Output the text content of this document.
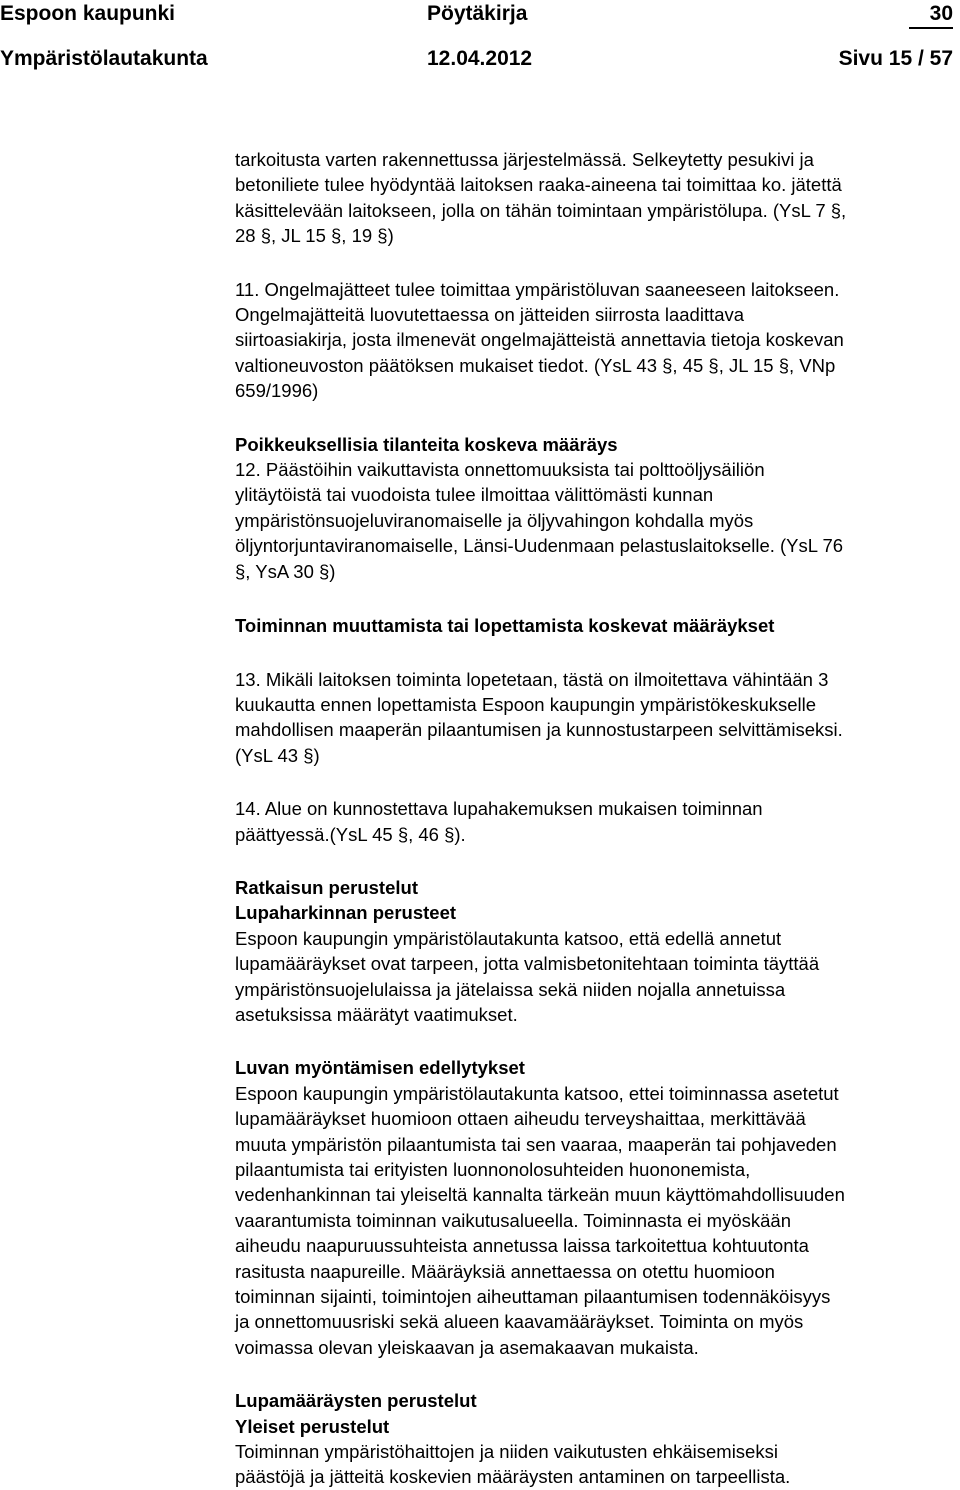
Espoon kaupunki	Pöytäkirja	30
Ympäristölautakunta	12.04.2012	Sivu 15 / 57

tarkoitusta varten rakennettussa järjestelmässä. Selkeytetty pesukivi ja

betoniliete tulee hyödyntää laitoksen raaka-aineena tai toimittaa ko. jätettä

käsittelevään laitokseen, jolla on tähän toimintaan ympäristölupa. (YsL 7 §,

28 §, JL 15 §, 19 §)

11. Ongelmajätteet tulee toimittaa ympäristöluvan saaneeseen laitokseen.

Ongelmajätteitä luovutettaessa on jätteiden siirrosta laadittava

siirtoasiakirja, josta ilmenevät ongelmajätteistä annettavia tietoja koskevan

valtioneuvoston päätöksen mukaiset tiedot. (YsL 43 §, 45 §, JL 15 §, VNp

659/1996)

Poikkeuksellisia tilanteita koskeva määräys

12. Päästöihin vaikuttavista onnettomuuksista tai polttoöljysäiliön

ylitäytöistä tai vuodoista tulee ilmoittaa välittömästi kunnan

ympäristönsuojeluviranomaiselle ja öljyvahingon kohdalla myös

öljyntorjuntaviranomaiselle, Länsi-Uudenmaan pelastuslaitokselle. (YsL 76

§, YsA 30 §)

Toiminnan muuttamista tai lopettamista koskevat määräykset

13. Mikäli laitoksen toiminta lopetetaan, tästä on ilmoitettava vähintään 3

kuukautta ennen lopettamista Espoon kaupungin ympäristökeskukselle

mahdollisen maaperän pilaantumisen ja kunnostustarpeen selvittämiseksi.

(YsL 43 §)

14. Alue on kunnostettava lupahakemuksen mukaisen toiminnan

päättyessä.(YsL 45 §, 46 §).

Ratkaisun perustelut

Lupaharkinnan perusteet

Espoon kaupungin ympäristölautakunta katsoo, että edellä annetut

lupamääräykset ovat tarpeen, jotta valmisbetonitehtaan toiminta täyttää

ympäristönsuojelulaissa ja jätelaissa sekä niiden nojalla annetuissa

asetuksissa määrätyt vaatimukset.

Luvan myöntämisen edellytykset

Espoon kaupungin ympäristölautakunta katsoo, ettei toiminnassa asetetut

lupamääräykset huomioon ottaen aiheudu terveyshaittaa, merkittävää

muuta ympäristön pilaantumista tai sen vaaraa, maaperän tai pohjaveden

pilaantumista tai erityisten luonnonolosuhteiden huononemista,

vedenhankinnan tai yleiseltä kannalta tärkeän muun käyttömahdollisuuden

vaarantumista toiminnan vaikutusalueella. Toiminnasta ei myöskään

aiheudu naapuruussuhteista annetussa laissa tarkoitettua kohtuutonta

rasitusta naapureille. Määräyksiä annettaessa on otettu huomioon

toiminnan sijainti, toimintojen aiheuttaman pilaantumisen todennäköisyys

ja onnettomuusriski sekä alueen kaavamääräykset. Toiminta on myös

voimassa olevan yleiskaavan ja asemakaavan mukaista.

Lupamääräysten perustelut

Yleiset perustelut

Toiminnan ympäristöhaittojen ja niiden vaikutusten ehkäisemiseksi

päästöjä ja jätteitä koskevien määräysten antaminen on tarpeellista.
